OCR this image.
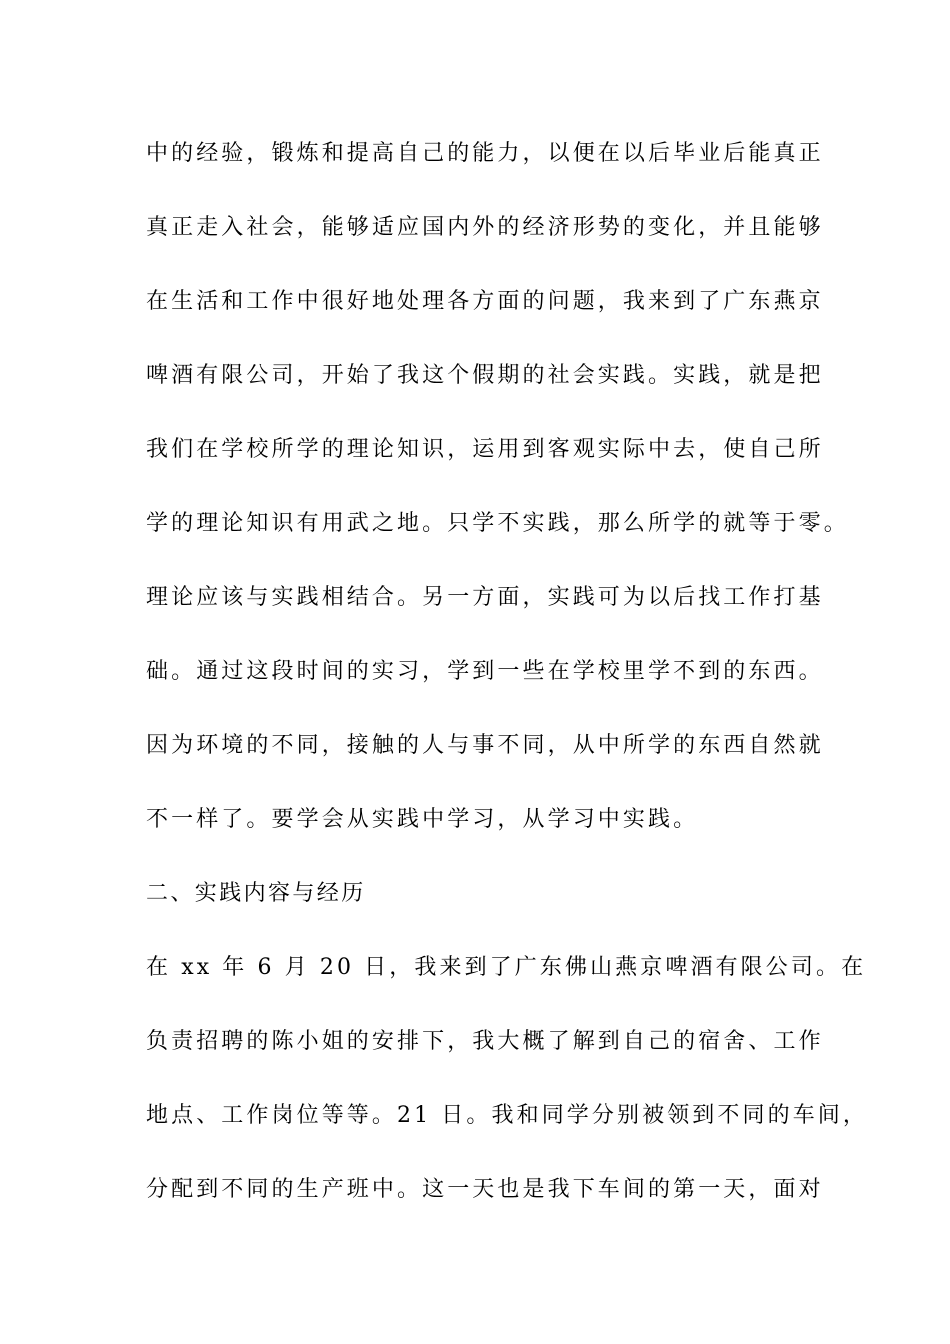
中的经验，锻炼和提高自己的能力，以便在以后毕业后能真正
真正走入社会，能够适应国内外的经济形势的变化，并且能够
在生活和工作中很好地处理各方面的问题，我来到了广东燕京
啤酒有限公司，开始了我这个假期的社会实践。实践，就是把
我们在学校所学的理论知识，运用到客观实际中去，使自己所
学的理论知识有用武之地。只学不实践，那么所学的就等于零。
理论应该与实践相结合。另一方面，实践可为以后找工作打基
础。通过这段时间的实习，学到一些在学校里学不到的东西。
因为环境的不同，接触的人与事不同，从中所学的东西自然就
不一样了。要学会从实践中学习，从学习中实践。
二、实践内容与经历
在 xx 年 6 月 20 日，我来到了广东佛山燕京啤酒有限公司。在
负责招聘的陈小姐的安排下，我大概了解到自己的宿舍、工作
地点、工作岗位等等。21 日。我和同学分别被领到不同的车间，
分配到不同的生产班中。这一天也是我下车间的第一天，面对
